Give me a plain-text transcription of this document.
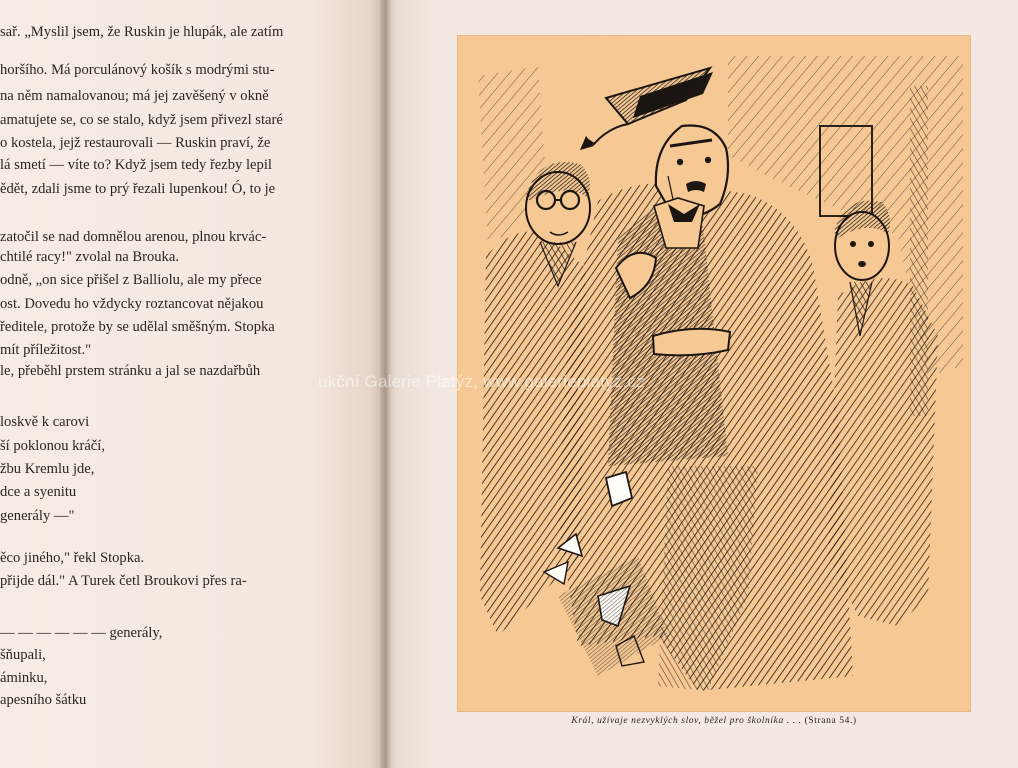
sař. „Myslil jsem, že Ruskin je hlupák, ale zatím
horšího. Má porculánový košík s modrými stu-
na něm namalovanou; má jej zavěšený v okně
amatujete se, co se stalo, když jsem přivezl staré
o kostela, jejž restaurovali — Ruskin praví, že
lá smetí — víte to? Když jsem tedy řezby lepil
ědět, zdali jsme to prý řezali lupenkou! Ó, to je
zatočil se nad domnělou arenou, plnou krvác-
chtilé racy!" zvolal na Brouka.
odně, „on sice přišel z Balliolu, ale my přece
ost. Dovedu ho vždycky roztancovat nějakou
ředitele, protože by se udělal směšným. Stopka
mít příležitost."
le, přeběhl prstem stránku a jal se nazdařbůh
loskvě k carovi
ší poklonou kráčí,
žbu Kremlu jde,
dce a syenitu
generály —"
ěco jiného," řekl Stopka.
přijde dál." A Turek četl Broukovi přes ra-
— — — — — — generály,
šňupali,
áminku,
apesního šátku
Král, užívaje nezvyklých slov, běžel pro školníka . . . (Strana 54.)
ukční Galerie Platýz, www.galerieplatyz.cz
